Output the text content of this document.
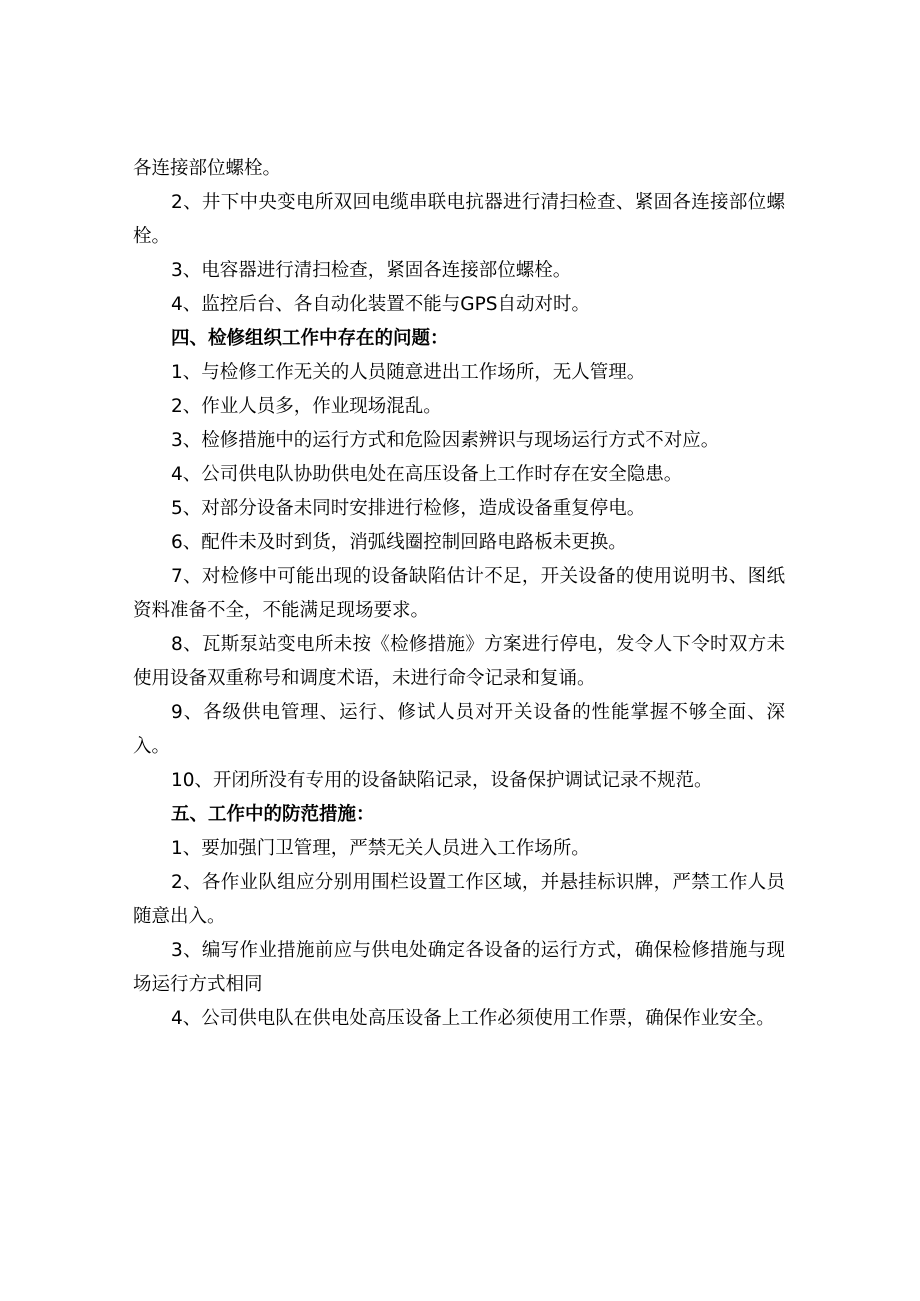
各连接部位螺栓。

2、井下中央变电所双回电缆串联电抗器进行清扫检查、紧固各连接部位螺栓。

3、电容器进行清扫检查，紧固各连接部位螺栓。

4、监控后台、各自动化装置不能与GPS自动对时。

四、检修组织工作中存在的问题：

1、与检修工作无关的人员随意进出工作场所，无人管理。

2、作业人员多，作业现场混乱。

3、检修措施中的运行方式和危险因素辨识与现场运行方式不对应。

4、公司供电队协助供电处在高压设备上工作时存在安全隐患。

5、对部分设备未同时安排进行检修，造成设备重复停电。

6、配件未及时到货，消弧线圈控制回路电路板未更换。

7、对检修中可能出现的设备缺陷估计不足，开关设备的使用说明书、图纸资料准备不全，不能满足现场要求。

8、瓦斯泵站变电所未按《检修措施》方案进行停电，发令人下令时双方未使用设备双重称号和调度术语，未进行命令记录和复诵。

9、各级供电管理、运行、修试人员对开关设备的性能掌握不够全面、深入。

10、开闭所没有专用的设备缺陷记录，设备保护调试记录不规范。

五、工作中的防范措施：

1、要加强门卫管理，严禁无关人员进入工作场所。

2、各作业队组应分别用围栏设置工作区域，并悬挂标识牌，严禁工作人员随意出入。

3、编写作业措施前应与供电处确定各设备的运行方式，确保检修措施与现场运行方式相同

4、公司供电队在供电处高压设备上工作必须使用工作票，确保作业安全。
